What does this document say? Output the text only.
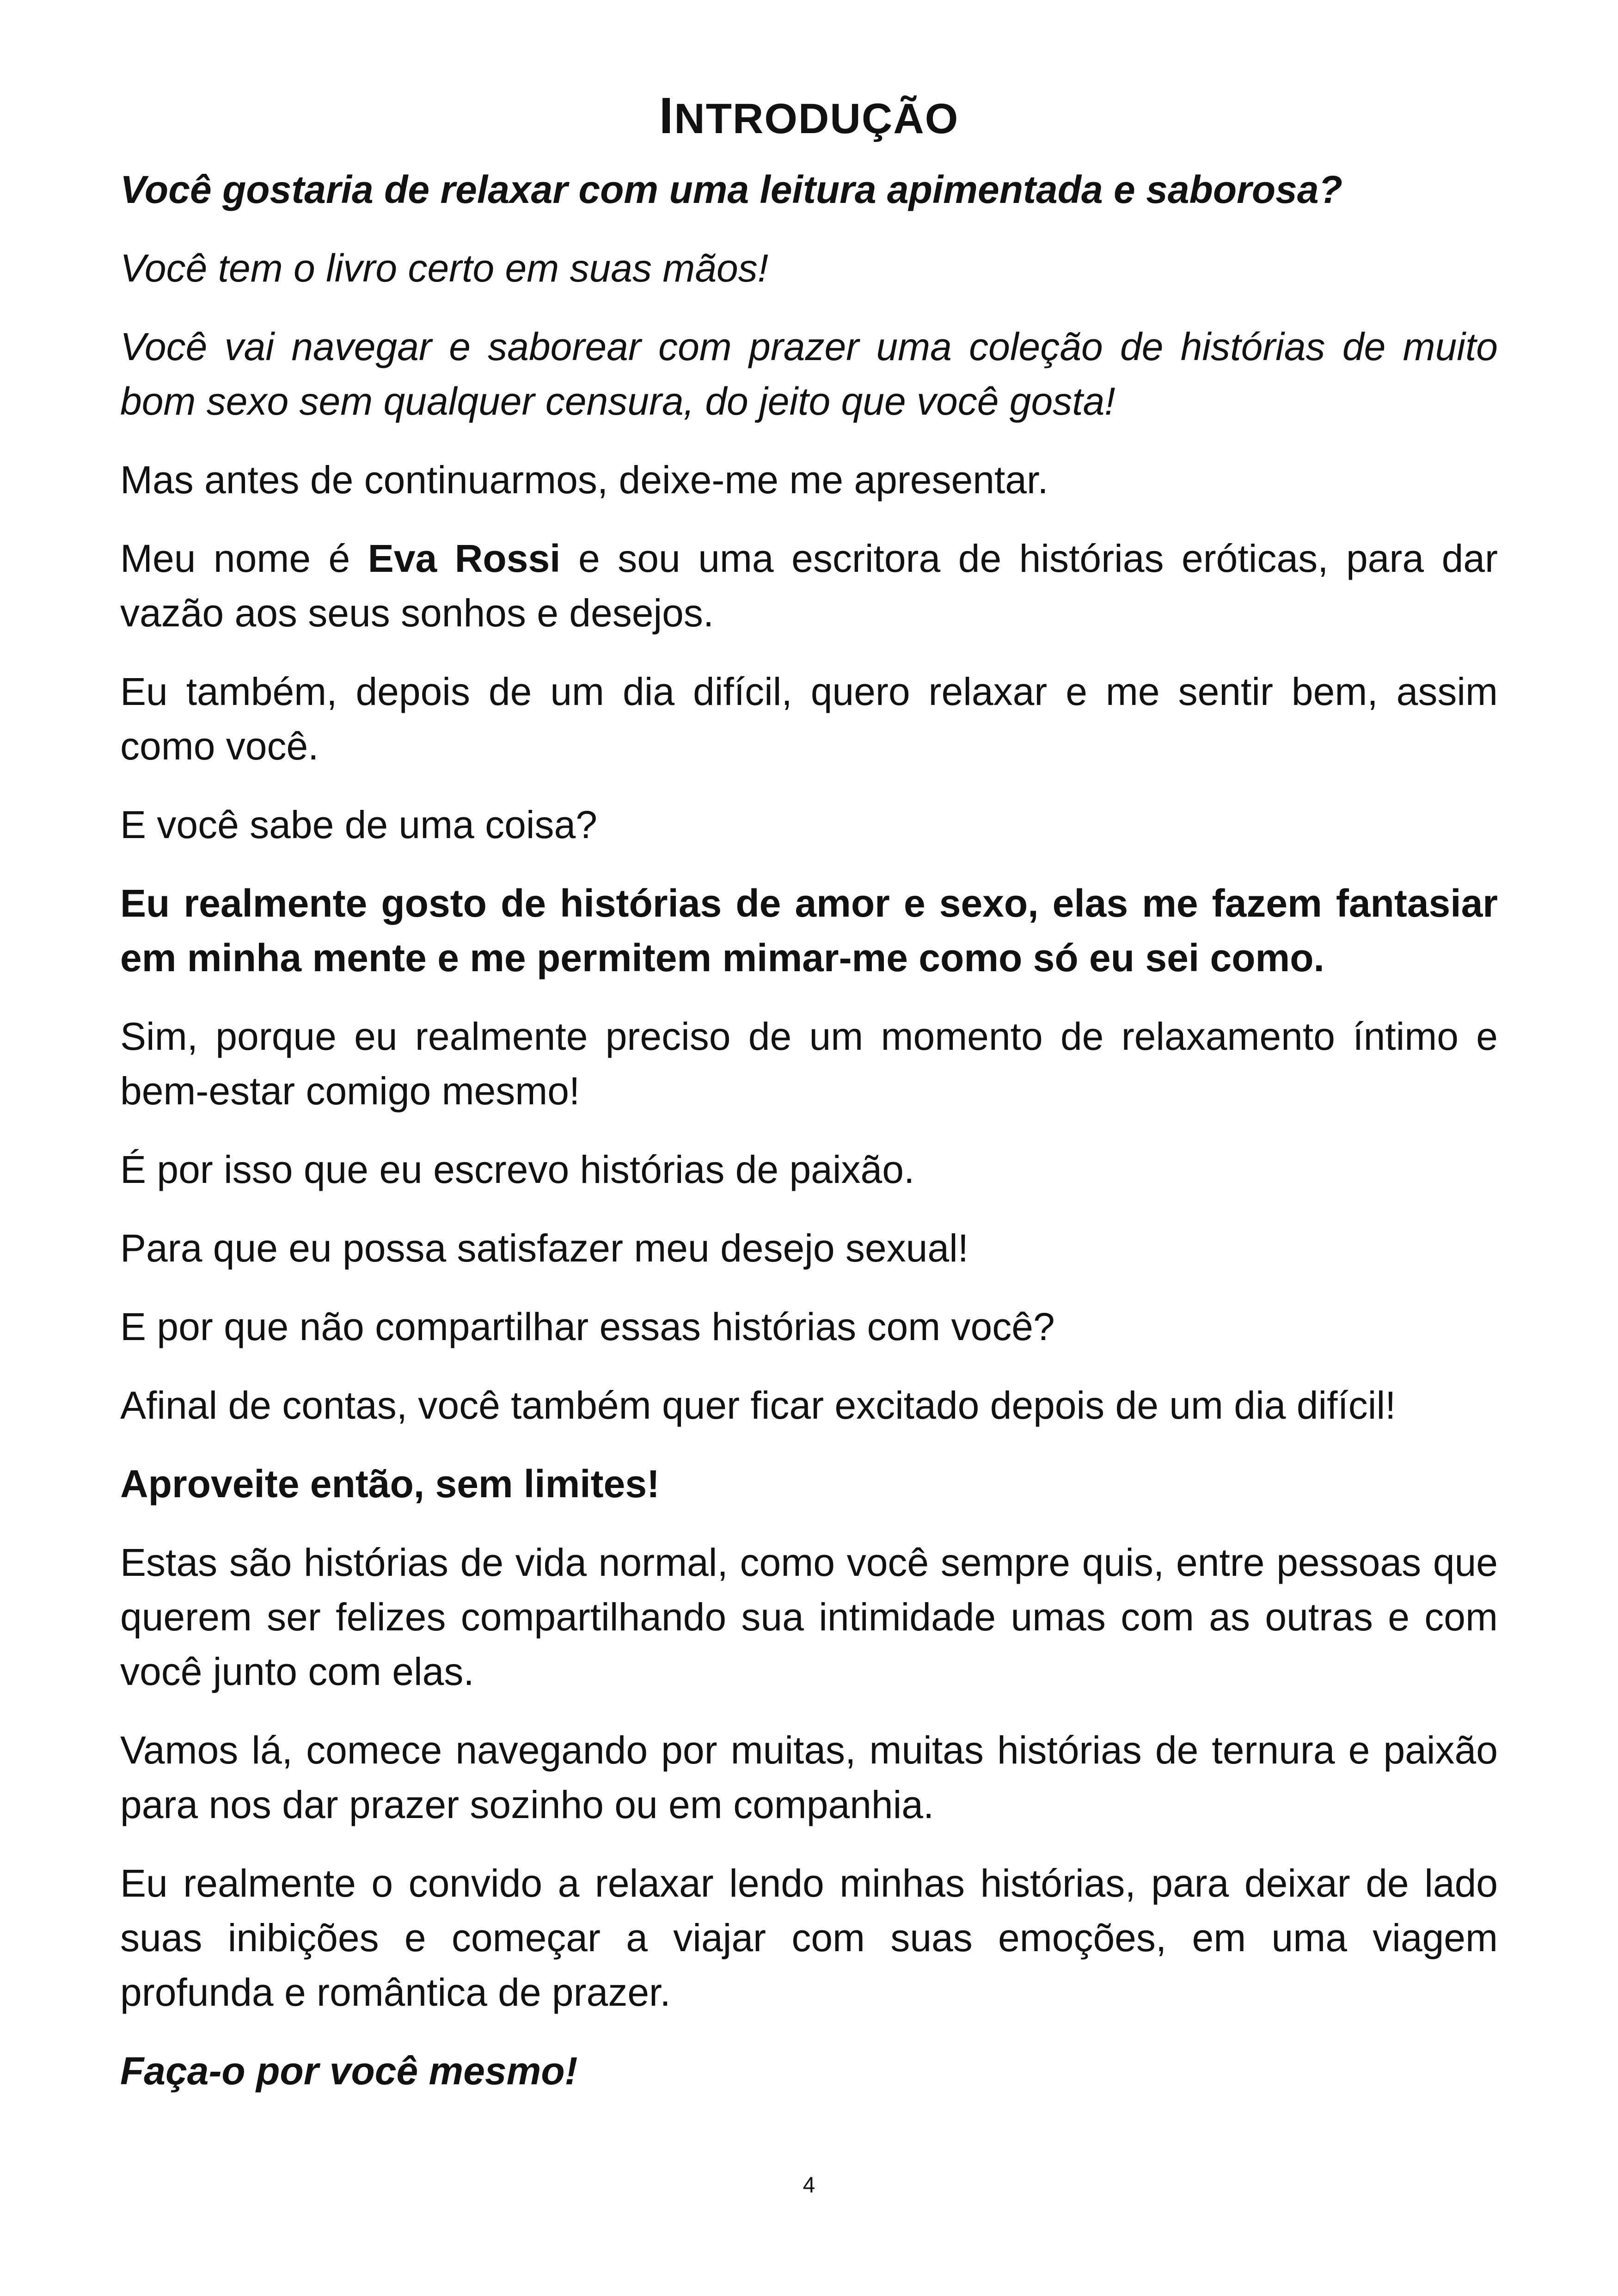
INTRODUÇÃO

Você gostaria de relaxar com uma leitura apimentada e saborosa?

Você tem o livro certo em suas mãos!

Você vai navegar e saborear com prazer uma coleção de histórias de muito bom sexo sem qualquer censura, do jeito que você gosta!

Mas antes de continuarmos, deixe-me me apresentar.

Meu nome é Eva Rossi e sou uma escritora de histórias eróticas, para dar vazão aos seus sonhos e desejos.

Eu também, depois de um dia difícil, quero relaxar e me sentir bem, assim como você.

E você sabe de uma coisa?

Eu realmente gosto de histórias de amor e sexo, elas me fazem fantasiar em minha mente e me permitem mimar-me como só eu sei como.

Sim, porque eu realmente preciso de um momento de relaxamento íntimo e bem-estar comigo mesmo!

É por isso que eu escrevo histórias de paixão.

Para que eu possa satisfazer meu desejo sexual!

E por que não compartilhar essas histórias com você?

Afinal de contas, você também quer ficar excitado depois de um dia difícil!

Aproveite então, sem limites!

Estas são histórias de vida normal, como você sempre quis, entre pessoas que querem ser felizes compartilhando sua intimidade umas com as outras e com você junto com elas.

Vamos lá, comece navegando por muitas, muitas histórias de ternura e paixão para nos dar prazer sozinho ou em companhia.

Eu realmente o convido a relaxar lendo minhas histórias, para deixar de lado suas inibições e começar a viajar com suas emoções, em uma viagem profunda e romântica de prazer.

Faça-o por você mesmo!

4
